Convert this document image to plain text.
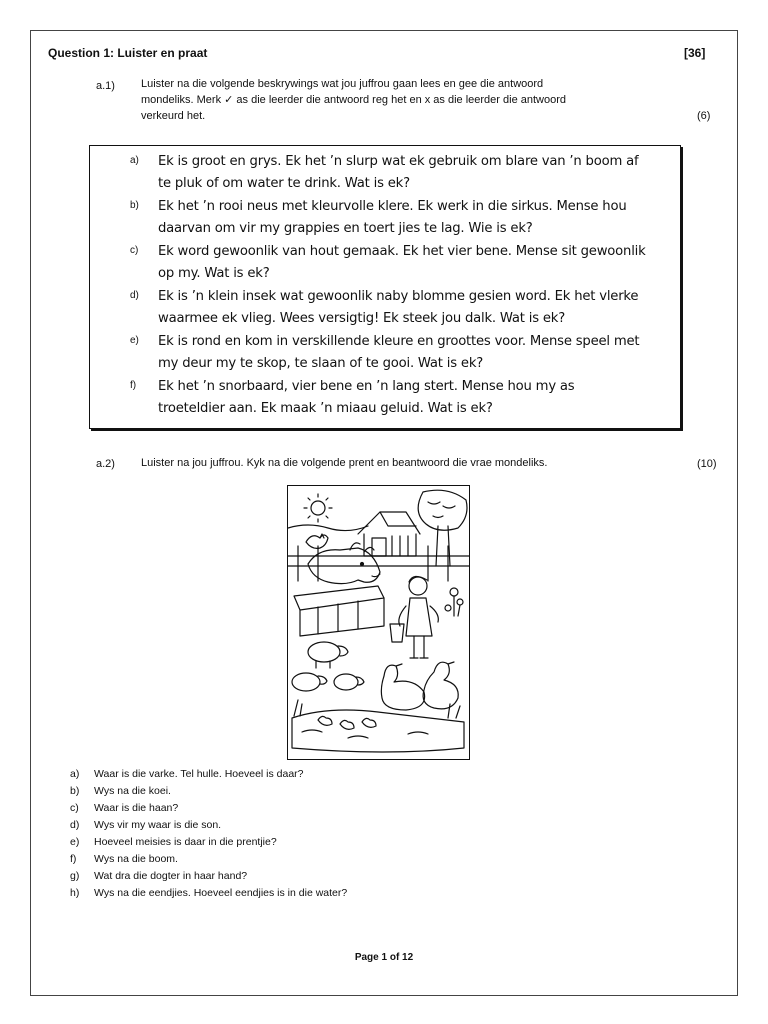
Question 1: Luister en praat	[36]
a.1) Luister na die volgende beskrywings wat jou juffrou gaan lees en gee die antwoord
mondeliks. Merk ✓ as die leerder die antwoord reg het en x as die leerder die antwoord
verkeurd het.	(6)
a) Ek is groot en grys. Ek het ’n slurp wat ek gebruik om blare van ’n boom af
te pluk of om water te drink. Wat is ek?
b) Ek het ’n rooi neus met kleurvolle klere. Ek werk in die sirkus. Mense hou
daarvan om vir my grappies en toert jies te lag. Wie is ek?
c) Ek word gewoonlik van hout gemaak. Ek het vier bene. Mense sit gewoonlik
op my. Wat is ek?
d) Ek is ’n klein insek wat gewoonlik naby blomme gesien word. Ek het vlerke
waarmee ek vlieg. Wees versigtig! Ek steek jou dalk. Wat is ek?
e) Ek is rond en kom in verskillende kleure en groottes voor. Mense speel met
my deur my te skop, te slaan of te gooi. Wat is ek?
f) Ek het ’n snorbaard, vier bene en ’n lang stert. Mense hou my as
troeteldier aan. Ek maak ’n miaau geluid. Wat is ek?
a.2) Luister na jou juffrou. Kyk na die volgende prent en beantwoord die vrae mondeliks.	(10)
a)	Waar is die varke. Tel hulle. Hoeveel is daar?
b)	Wys na die koei.
c)	Waar is die haan?
d)	Wys vir my waar is die son.
e)	Hoeveel meisies is daar in die prentjie?
f)	Wys na die boom.
g)	Wat dra die dogter in haar hand?
h)	Wys na die eendjies. Hoeveel eendjies is in die water?
Page 1 of 12
